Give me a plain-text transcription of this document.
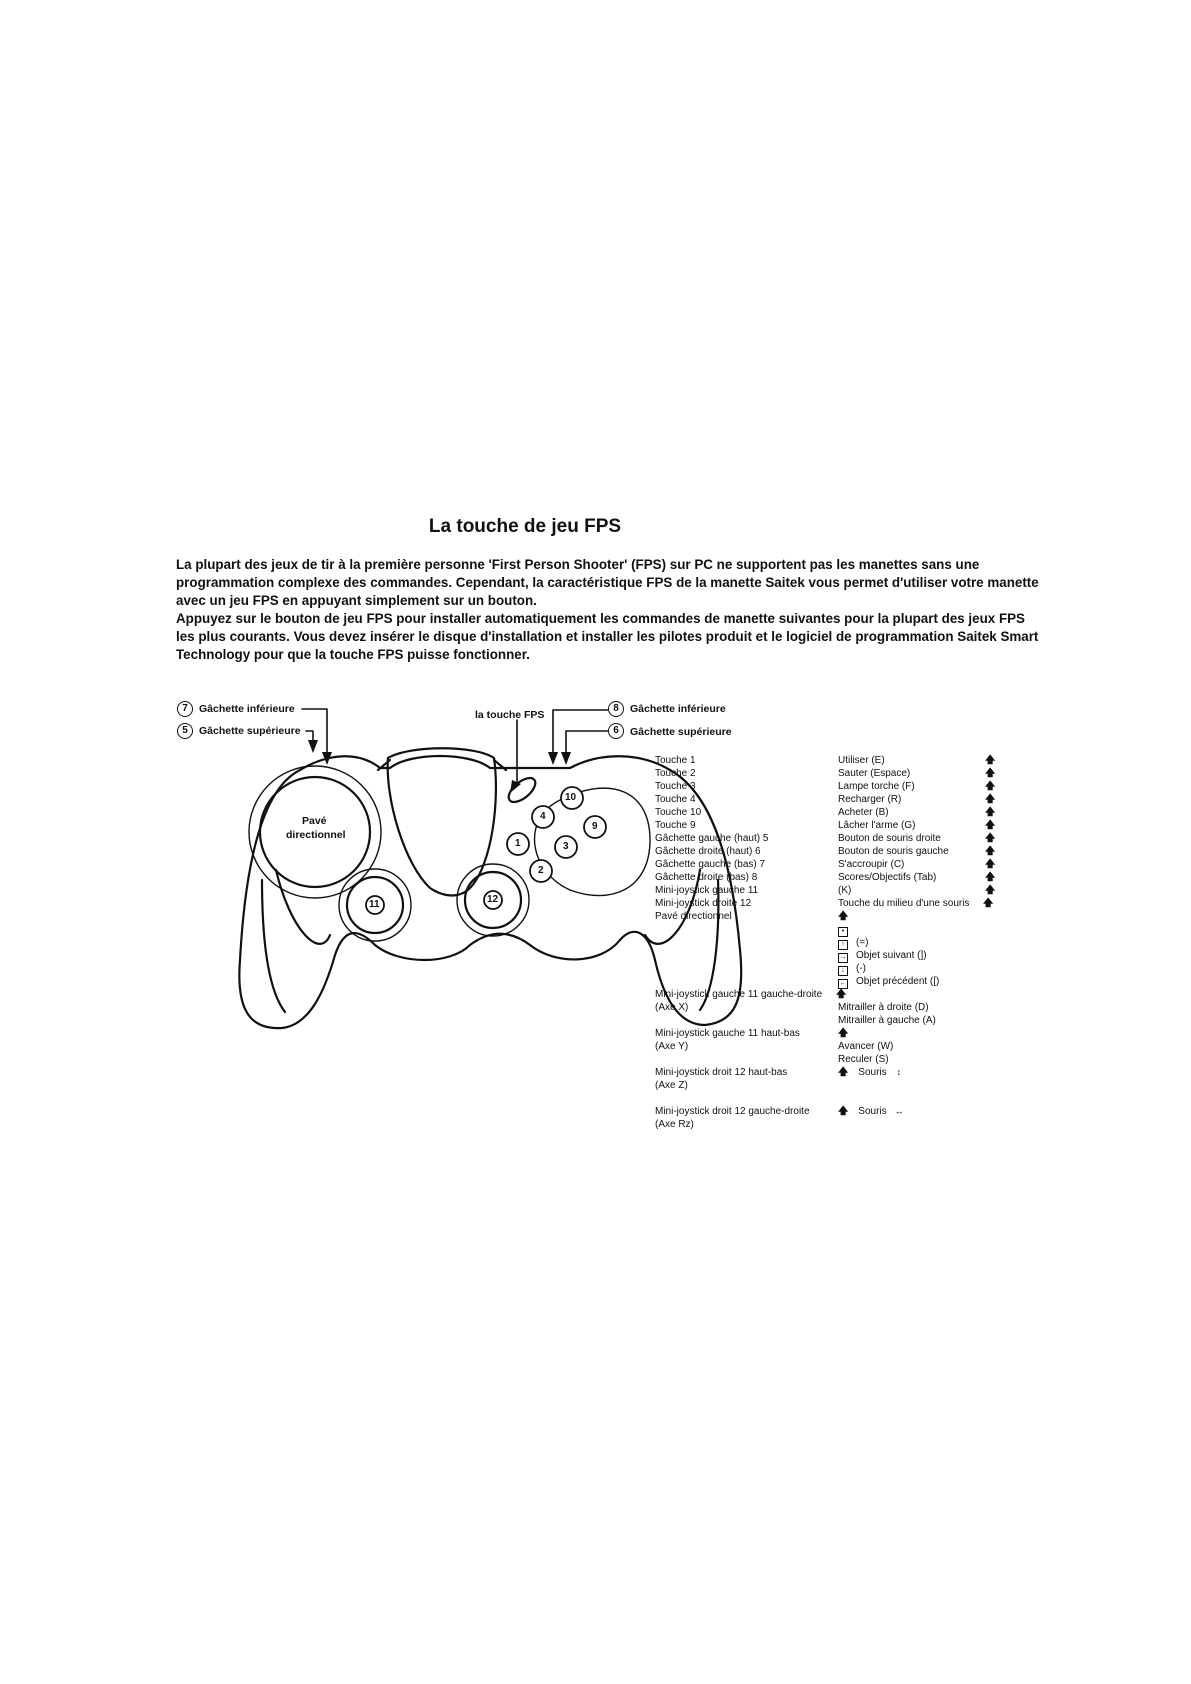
La touche de jeu FPS

La plupart des jeux de tir à la première personne 'First Person Shooter' (FPS) sur PC ne supportent pas les manettes sans une programmation complexe des commandes. Cependant, la caractéristique FPS de la manette Saitek vous permet d'utiliser votre manette avec un jeu FPS en appuyant simplement sur un bouton.

Appuyez sur le bouton de jeu FPS pour installer automatiquement les commandes de manette suivantes pour la plupart des jeux FPS les plus courants. Vous devez insérer le disque d'installation et installer les pilotes produit et le logiciel de programmation Saitek Smart Technology pour que la touche FPS puisse fonctionner.

10
4
9
1	3
2
11	12
Pavé
directionnel
7	Gâchette inférieure
5	Gâchette supérieure
la touche FPS
8	Gâchette inférieure
6	Gâchette supérieure
Touche 1	Utiliser (E)	🡅
Touche 2	Sauter (Espace)	🡅
Touche 3	Lampe torche (F)	🡅
Touche 4	Recharger (R)	🡅
Touche 10	Acheter (B)	🡅
Touche 9	Lâcher l'arme (G)	🡅
Gâchette gauche (haut) 5	Bouton de souris droite	🡅
Gâchette droite (haut) 6	Bouton de souris gauche	🡅
Gâchette gauche (bas) 7	S'accroupir (C)	🡅
Gâchette droite (bas) 8	Scores/Objectifs (Tab)	🡅
Mini-joystick gauche 11	(K)	🡅
Mini-joystick droite 12	Touche du milieu d'une souris 🡅
Pavé directionnel	🡅
•
↑ (=)
→ Objet suivant (])
↓ (-)
← Objet précédent ([)
Mini-joystick gauche 11 gauche-droite 🡅
(Axe X)	Mitrailler à droite (D)
Mitrailler à gauche (A)
Mini-joystick gauche 11 haut-bas	🡅
(Axe Y)	Avancer (W)
Reculer (S)
Mini-joystick droit 12 haut-bas	🡅 Souris ↕
(Axe Z)
Mini-joystick droit 12 gauche-droite	🡅 Souris ↔
(Axe Rz)
